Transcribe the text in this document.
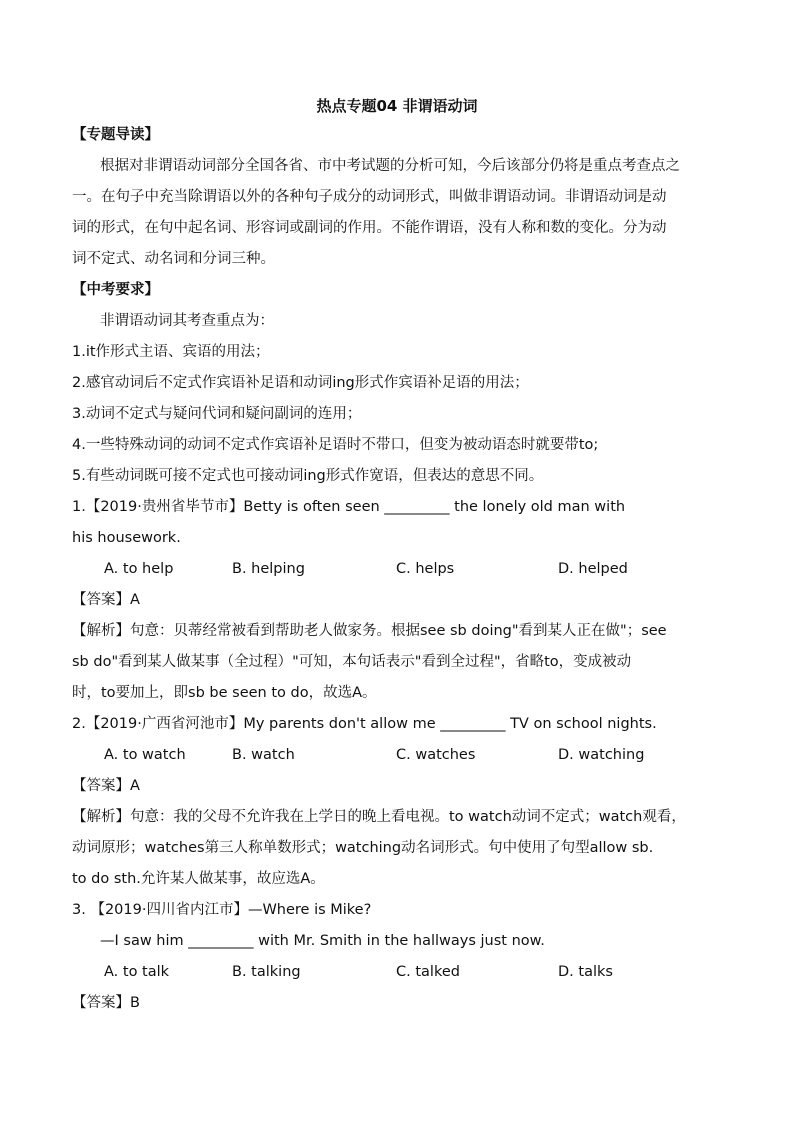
热点专题04 非谓语动词
【专题导读】
根据对非谓语动词部分全国各省、市中考试题的分析可知，今后该部分仍将是重点考查点之
一。在句子中充当除谓语以外的各种句子成分的动词形式，叫做非谓语动词。非谓语动词是动
词的形式，在句中起名词、形容词或副词的作用。不能作谓语，没有人称和数的变化。分为动
词不定式、动名词和分词三种。
【中考要求】
非谓语动词其考查重点为：
1.it作形式主语、宾语的用法；
2.感官动词后不定式作宾语补足语和动词ing形式作宾语补足语的用法；
3.动词不定式与疑问代词和疑问副词的连用；
4.一些特殊动词的动词不定式作宾语补足语时不带口，但变为被动语态时就要带to;
5.有些动词既可接不定式也可接动词ing形式作宽语，但表达的意思不同。
1.【2019·贵州省毕节市】Betty is often seen _________ the lonely old man with
his housework.
A. to help	B. helping	C. helps	D. helped
【答案】A
【解析】句意：贝蒂经常被看到帮助老人做家务。根据see sb doing"看到某人正在做"；see
sb do"看到某人做某事（全过程）"可知，本句话表示"看到全过程"，省略to，变成被动
时，to要加上，即sb be seen to do，故选A。
2.【2019·广西省河池市】My parents don't allow me _________ TV on school nights.
A. to watch	B. watch	C. watches	D. watching
【答案】A
【解析】句意：我的父母不允许我在上学日的晚上看电视。to watch动词不定式；watch观看，
动词原形；watches第三人称单数形式；watching动名词形式。句中使用了句型allow sb.
to do sth.允许某人做某事，故应选A。
3. 【2019·四川省内江市】—Where is Mike?
—I saw him _________ with Mr. Smith in the hallways just now.
A. to talk	B. talking	C. talked	D. talks
【答案】B
